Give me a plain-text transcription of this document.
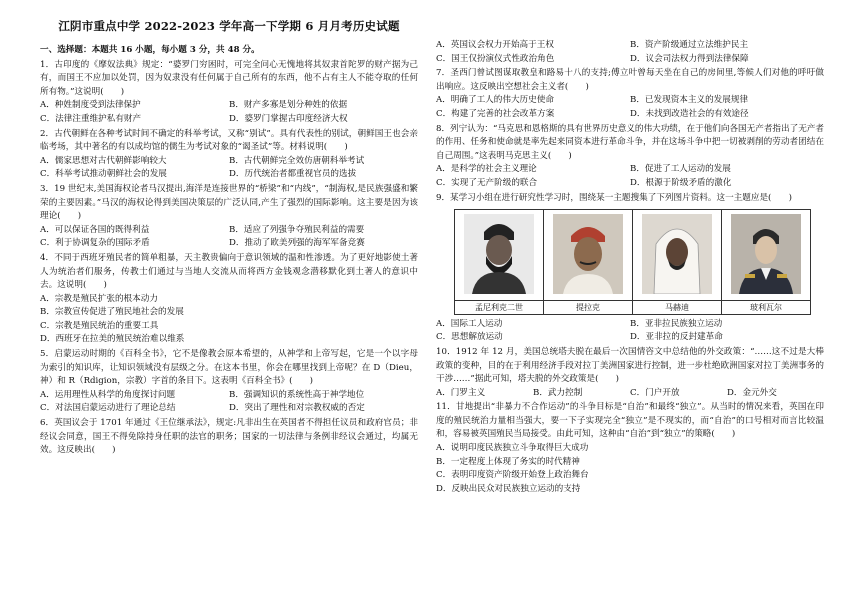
江阴市重点中学 2022-2023 学年高一下学期 6 月月考历史试题
一、选择题：本题共 16 小题，每小题 3 分，共 48 分。

1．古印度的《摩奴法典》规定：“婆罗门穷困时，可完全问心无愧地将其奴隶首陀罗的财产据为己有，而国王不应加以处罚，因为奴隶没有任何属于自己所有的东西，他不占有主人不能夺取的任何所有物。”这说明(　　)

A．种姓制度受到法律保护	B．财产多寡是划分种姓的依据
C．法律注重维护私有财产	D．婆罗门掌握古印度经济大权

2．古代朝鲜在各种考试时间不确定的科举考试，又称“别试”。具有代表性的别试，朝鲜国王也会亲临考场，其中著名的有以成均馆的儒生为考试对象的“谒圣试”等。材料说明(　　)

A．儒家思想对古代朝鲜影响较大	B．古代朝鲜完全效仿唐朝科举考试
C．科举考试推动朝鲜社会的发展	D．历代统治者都重视官员的选拔

3．19 世纪末,美国海权论者马汉提出,海洋是连接世界的“桥梁”和“内线”，“制海权,是民族强盛和繁荣的主要因素。”马汉的海权论得到美国决策层的广泛认同,产生了强烈的国际影响。这主要是因为该理论(　　)

A．可以保证各国的既得利益	B．适应了列强争夺殖民利益的需要
C．利于协调复杂的国际矛盾	D．推动了欧美列强的海军军备竞赛

4．不同于西班牙殖民者的简单粗暴，天主教贵偏向于意识领域的温和性渗透。为了更好地影使土著人为统治者们服务，传教士们通过与当地人交流从而将西方金钱观念潜移默化到土著人的意识中去。这说明(　　)

A．宗教是殖民扩张的根本动力
B．宗教宣传促进了殖民地社会的发展
C．宗教是殖民统治的重要工具
D．西班牙在拉美的殖民统治难以维系

5．启蒙运动时期的《百科全书》，它不是像教会原本希望的，从神学和上帝写起，它是一个以字母为索引的知识库，让知识领域没有层级之分。在这本书里，你会在哪里找到上帝呢？在 D（Dieu，神）和 R（Rdigion，宗教）字首的条目下。这表明《百科全书》(　　)

A．运用理性从科学的角度探讨问题	B．强调知识的系统性高于神学地位
C．对法国启蒙运动进行了理论总结	D．突出了理性和对宗教权威的否定

6．英国议会于 1701 年通过《王位继承法》，规定:凡非出生在英国者不得担任议员和政府官员；非经议会同意，国王不得免除持身任职的法官的职务；国家的一切法律与条例非经议会通过，均属无效。这反映出(　　)

A．英国议会权力开始高于王权	B．资产阶级通过立法维护民主
C．国王仅扮演仪式性政治角色	D．议会司法权力得到法律保障

7．圣西门曾试图谋取教皇和路易十八的支持;傅立叶曾每天坐在自己的房间里,等候人们对他的呼吁做出响应。这反映出空想社会主义者(　　)

A．明确了工人的伟大历史使命	B．已发现资本主义的发展规律
C．构建了完善的社会改革方案	D．未找到改造社会的有效途径

8．列宁认为：“马克思和恩格斯的具有世界历史意义的伟大功绩，在于他们向各国无产者指出了无产者的作用、任务和使命就是率先起来同资本进行革命斗争，并在这场斗争中把一切被剥削的劳动者团结在自己周围。”这表明马克思主义(　　)

A．是科学的社会主义理论	B．促进了工人运动的发展
C．实现了无产阶级的联合	D．根源于阶级矛盾的激化

9．某学习小组在进行研究性学习时，围绕某一主题搜集了下列图片资料。这一主题应是(　　)

孟尼利克二世	提拉克	马赫迪	玻利瓦尔
A．国际工人运动	B．亚非拉民族独立运动
C．思想解放运动	D．亚非拉的反封建革命

10．1912 年 12 月，美国总统塔夫脱在最后一次国情咨文中总结他的外交政策：“……这不过是大棒政策的变种，目的在于利用经济手段对拉丁美洲国家进行控制，进一步杜绝欧洲国家对拉丁美洲事务的干涉……”据此可知，塔夫脱的外交政策是(　　)

A．门罗主义	B．武力控制	C．门户开放	D．金元外交

11．甘地提出“非暴力不合作运动”的斗争目标是“自治”和最终“独立”。从当时的情况来看，英国在印度的殖民统治力量相当强大，要一下子实现完全“独立”是不现实的，而“自治”的口号相对而言比较温和，容易被英国殖民当局接受。由此可知，这种由“自治”到“独立”的策略(　　)

A．说明印度民族独立斗争取得巨大成功
B．一定程度上体现了务实的时代精神
C．表明印度资产阶级开始登上政治舞台
D．反映出民众对民族独立运动的支持
